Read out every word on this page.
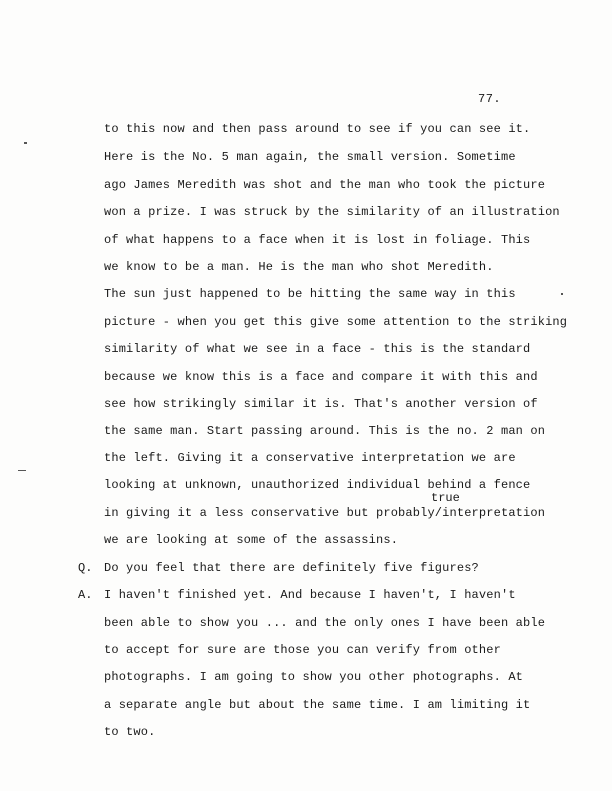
77.
to this now and then pass around to see if you can see it.
Here is the No. 5 man again, the small version. Sometime
ago James Meredith was shot and the man who took the picture
won a prize. I was struck by the similarity of an illustration
of what happens to a face when it is lost in foliage. This
we know to be a man. He is the man who shot Meredith.
The sun just happened to be hitting the same way in this
picture - when you get this give some attention to the striking
similarity of what we see in a face - this is the standard
because we know this is a face and compare it with this and
see how strikingly similar it is. That's another version of
the same man. Start passing around. This is the no. 2 man on
the left. Giving it a conservative interpretation we are
looking at unknown, unauthorized individual behind a fence
true
in giving it a less conservative but probably/interpretation
we are looking at some of the assassins.
Q. Do you feel that there are definitely five figures?
A. I haven't finished yet. And because I haven't, I haven't
been able to show you ... and the only ones I have been able
to accept for sure are those you can verify from other
photographs. I am going to show you other photographs. At
a separate angle but about the same time. I am limiting it
to two.
